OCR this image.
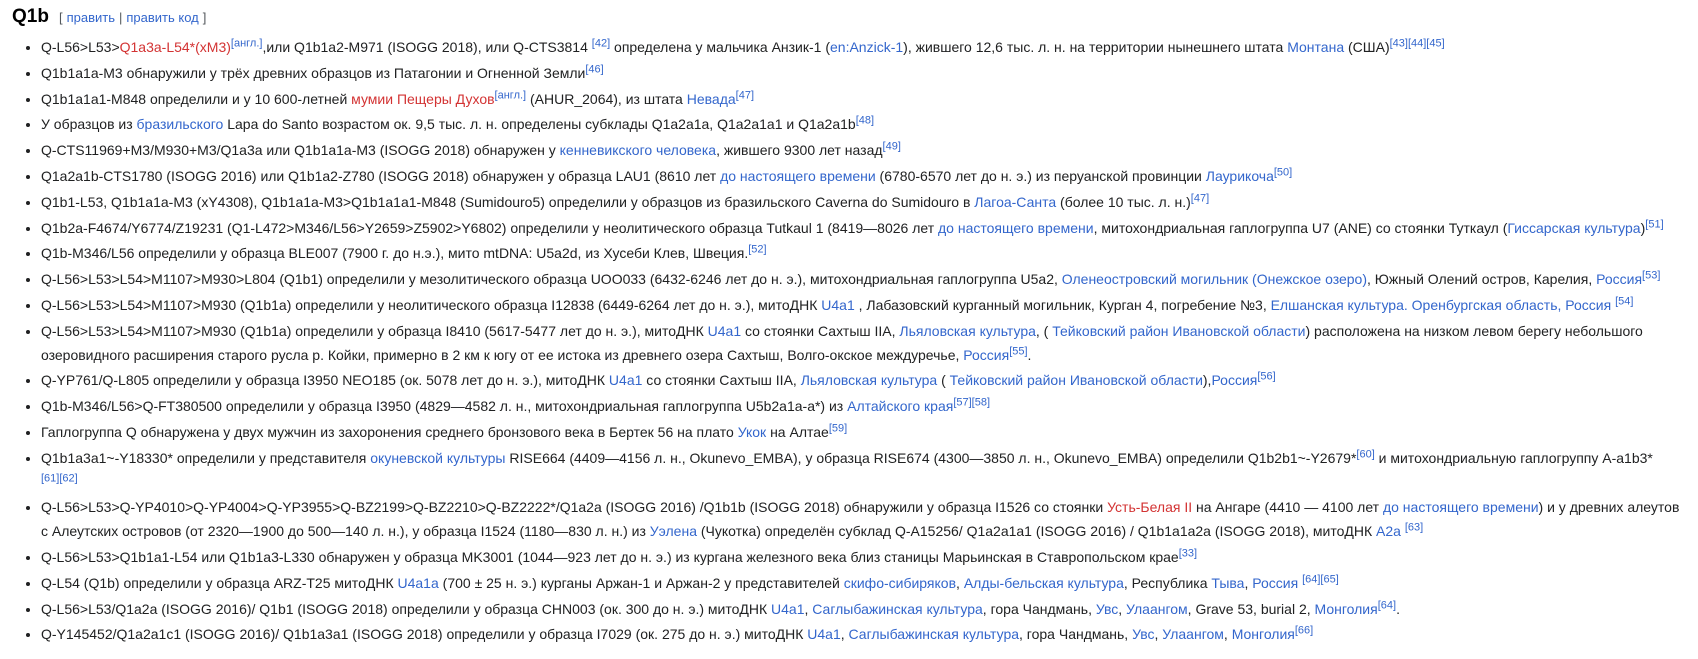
Q1b [ править | править код ]
• Q-L56>L53>Q1a3a-L54*(xM3)[англ.],или Q1b1a2-M971 (ISOGG 2018), или Q-CTS3814 [42] определена у мальчика Анзик-1 (en:Anzick-1), жившего 12,6 тыс. л. н. на территории нынешнего штата Монтана (США)[43][44][45]
• Q1b1a1a-M3 обнаружили у трёх древних образцов из Патагонии и Огненной Земли[46]
• Q1b1a1a1-M848 определили и у 10 600-летней мумии Пещеры Духов[англ.] (AHUR_2064), из штата Невада[47]
• У образцов из бразильского Lapa do Santo возрастом ок. 9,5 тыс. л. н. определены субклады Q1a2a1a, Q1a2a1a1 и Q1a2a1b[48]
• Q-CTS11969+M3/M930+M3/Q1a3a или Q1b1a1a-M3 (ISOGG 2018) обнаружен у кенневикского человека, жившего 9300 лет назад[49]
• Q1a2a1b-CTS1780 (ISOGG 2016) или Q1b1a2-Z780 (ISOGG 2018) обнаружен у образца LAU1 (8610 лет до настоящего времени (6780-6570 лет до н. э.) из перуанской провинции Лаурикоча[50]
• Q1b1-L53, Q1b1a1a-M3 (xY4308), Q1b1a1a-M3>Q1b1a1a1-M848 (Sumidouro5) определили у образцов из бразильского Caverna do Sumidouro в Лагоа-Санта (более 10 тыс. л. н.)[47]
• Q1b2a-F4674/Y6774/Z19231 (Q1-L472>M346/L56>Y2659>Z5902>Y6802) определили у неолитического образца Tutkaul 1 (8419—8026 лет до настоящего времени, митохондриальная гаплогруппа U7 (ANE) со стоянки Туткаул (Гиссарская культура)[51]
• Q1b-M346/L56 определили у образца BLE007 (7900 г. до н.э.), мито mtDNA: U5a2d, из Хусеби Клев, Швеция.[52]
• Q-L56>L53>L54>M1107>M930>L804 (Q1b1) определили у мезолитического образца UOO033 (6432-6246 лет до н. э.), митохондриальная гаплогруппа U5a2, Оленеостровский могильник (Онежское озеро), Южный Олений остров, Карелия, Россия[53]
• Q-L56>L53>L54>M1107>M930 (Q1b1a) определили у неолитического образца I12838 (6449-6264 лет до н. э.), митоДНК U4a1 , Лабазовский курганный могильник, Курган 4, погребение №3, Елшанская культура. Оренбургская область, Россия [54]
• Q-L56>L53>L54>M1107>M930 (Q1b1a) определили у образца I8410 (5617-5477 лет до н. э.), митоДНК U4a1 со стоянки Сахтыш IIA, Льяловская культура, ( Тейковский район Ивановской области) расположена на низком левом берегу небольшого озеровидного расширения старого русла р. Койки, примерно в 2 км к югу от ее истока из древнего озера Сахтыш, Волго-окское междуречье, Россия[55].
• Q-YP761/Q-L805 определили у образца I3950 NEO185 (ок. 5078 лет до н. э.), митоДНК U4a1 со стоянки Сахтыш IIA, Льяловская культура ( Тейковский район Ивановской области),Россия[56]
• Q1b-M346/L56>Q-FT380500 определили у образца I3950 (4829—4582 л. н., митохондриальная гаплогруппа U5b2a1a-a*) из Алтайского края[57][58]
• Гаплогруппа Q обнаружена у двух мужчин из захоронения среднего бронзового века в Бертек 56 на плато Укок на Алтае[59]
• Q1b1a3a1~-Y18330* определили у представителя окуневской культуры RISE664 (4409—4156 л. н., Okunevo_EMBA), у образца RISE674 (4300—3850 л. н., Okunevo_EMBA) определили Q1b2b1~-Y2679*[60] и митохондриальную гаплогруппу A-a1b3*[61][62]
• Q-L56>L53>Q-YP4010>Q-YP4004>Q-YP3955>Q-BZ2199>Q-BZ2210>Q-BZ2222*/Q1a2a (ISOGG 2016) /Q1b1b (ISOGG 2018) обнаружили у образца I1526 со стоянки Усть-Белая II на Ангаре (4410 — 4100 лет до настоящего времени) и у древних алеутов с Алеутских островов (от 2320—1900 до 500—140 л. н.), у образца I1524 (1180—830 л. н.) из Уэлена (Чукотка) определён субклад Q-A15256/ Q1a2a1a1 (ISOGG 2016) / Q1b1a1a2a (ISOGG 2018), митоДНК A2a [63]
• Q-L56>L53>Q1b1a1-L54 или Q1b1a3-L330 обнаружен у образца MK3001 (1044—923 лет до н. э.) из кургана железного века близ станицы Марьинская в Ставропольском крае[33]
• Q-L54 (Q1b) определили у образца ARZ-T25 митоДНК U4a1a (700 ± 25 н. э.) курганы Аржан-1 и Аржан-2 у представителей скифо-сибиряков, Алды-бельская культура, Республика Тыва, Россия [64][65]
• Q-L56>L53/Q1a2a (ISOGG 2016)/ Q1b1 (ISOGG 2018) определили у образца CHN003 (ок. 300 до н. э.) митоДНК U4a1, Саглыбажинская культура, гора Чандмань, Увс, Улаангом, Grave 53, burial 2, Монголия[64].
• Q-Y145452/Q1a2a1c1 (ISOGG 2016)/ Q1b1a3a1 (ISOGG 2018) определили у образца I7029 (ок. 275 до н. э.) митоДНК U4a1, Саглыбажинская культура, гора Чандмань, Увс, Улаангом, Монголия[66]
